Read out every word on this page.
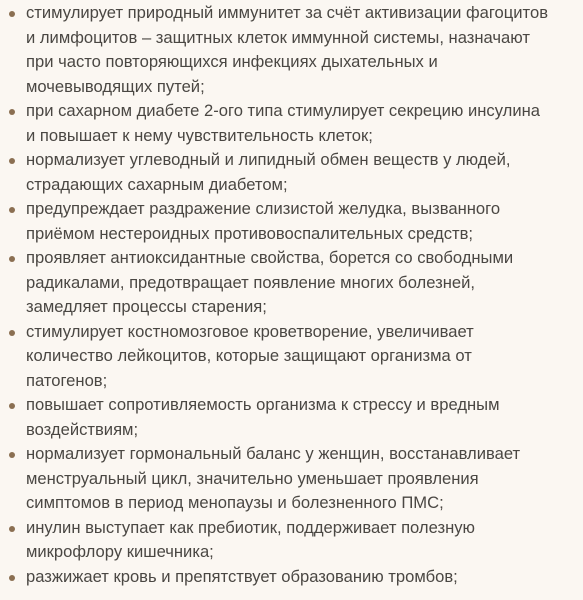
стимулирует природный иммунитет за счёт активизации фагоцитов
и лимфоцитов – защитных клеток иммунной системы, назначают
при часто повторяющихся инфекциях дыхательных и
мочевыводящих путей;
при сахарном диабете 2-ого типа стимулирует секрецию инсулина
и повышает к нему чувствительность клеток;
нормализует углеводный и липидный обмен веществ у людей,
страдающих сахарным диабетом;
предупреждает раздражение слизистой желудка, вызванного
приёмом нестероидных противовоспалительных средств;
проявляет антиоксидантные свойства, борется со свободными
радикалами, предотвращает появление многих болезней,
замедляет процессы старения;
стимулирует костномозговое кроветворение, увеличивает
количество лейкоцитов, которые защищают организма от
патогенов;
повышает сопротивляемость организма к стрессу и вредным
воздействиям;
нормализует гормональный баланс у женщин, восстанавливает
менструальный цикл, значительно уменьшает проявления
симптомов в период менопаузы и болезненного ПМС;
инулин выступает как пребиотик, поддерживает полезную
микрофлору кишечника;
разжижает кровь и препятствует образованию тромбов;
